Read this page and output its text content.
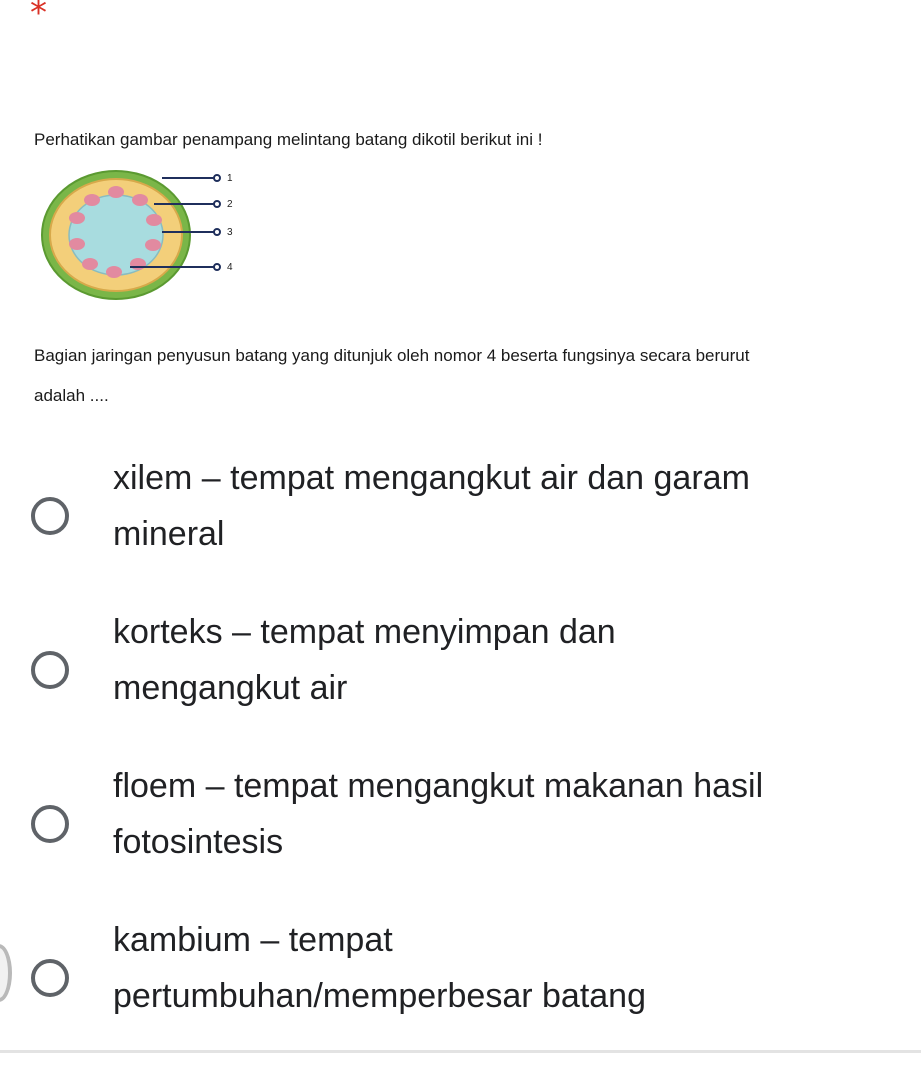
*
Perhatikan gambar penampang melintang batang dikotil berikut ini !
1
2
3
4
Bagian jaringan penyusun batang yang ditunjuk oleh nomor 4 beserta fungsinya secara berurut
adalah ....
xilem – tempat mengangkut air dan garam
mineral
korteks – tempat menyimpan dan
mengangkut air
floem – tempat mengangkut makanan hasil
fotosintesis
kambium – tempat
pertumbuhan/memperbesar batang
